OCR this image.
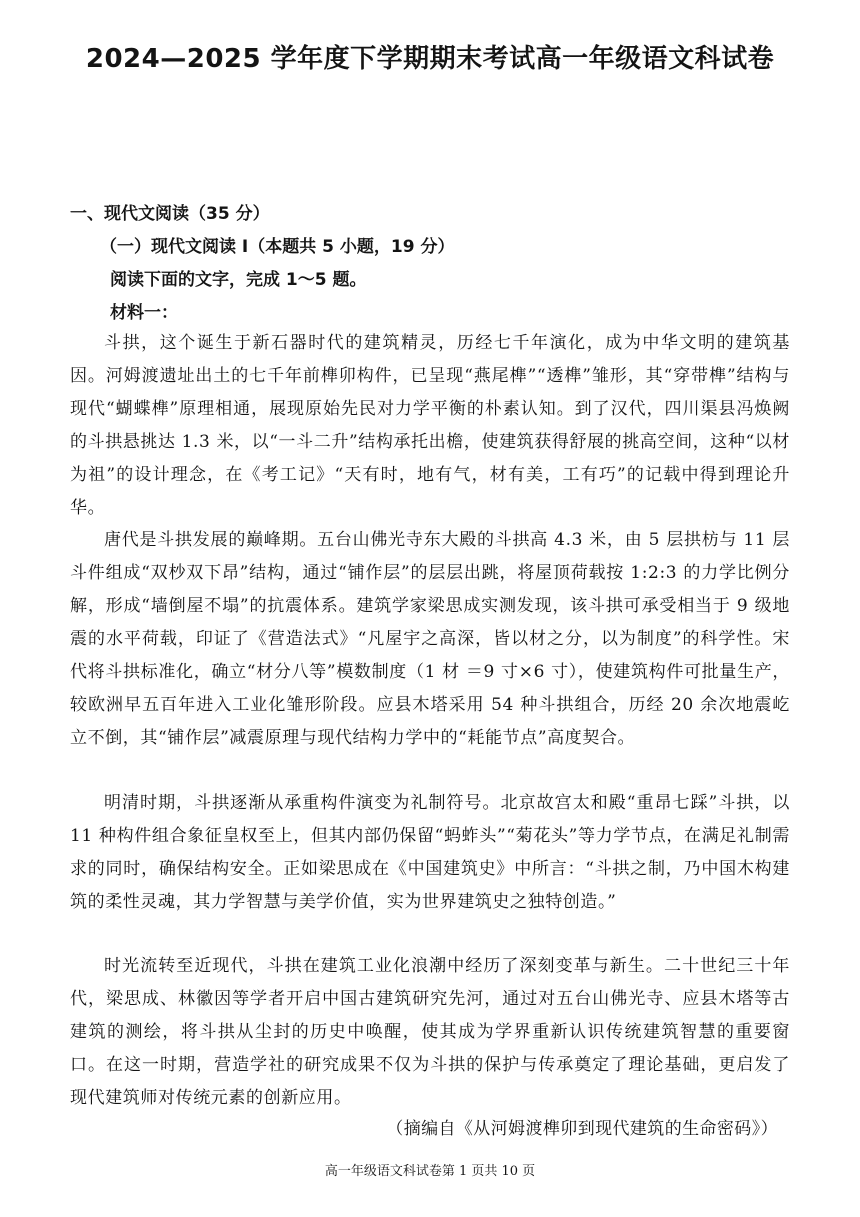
2024—2025 学年度下学期期末考试高一年级语文科试卷
一、现代文阅读（35 分）
（一）现代文阅读 I（本题共 5 小题，19 分）
阅读下面的文字，完成 1～5 题。
材料一：

斗拱，这个诞生于新石器时代的建筑精灵，历经七千年演化，成为中华文明的建筑基因。河姆渡遗址出土的七千年前榫卯构件，已呈现“燕尾榫”“透榫”雏形，其“穿带榫”结构与现代“蝴蝶榫”原理相通，展现原始先民对力学平衡的朴素认知。到了汉代，四川渠县冯焕阙的斗拱悬挑达 1.3 米，以“一斗二升”结构承托出檐，使建筑获得舒展的挑高空间，这种“以材为祖”的设计理念，在《考工记》“天有时，地有气，材有美，工有巧”的记载中得到理论升华。

唐代是斗拱发展的巅峰期。五台山佛光寺东大殿的斗拱高 4.3 米，由 5 层拱枋与 11 层斗件组成“双杪双下昂”结构，通过“铺作层”的层层出跳，将屋顶荷载按 1:2:3 的力学比例分解，形成“墙倒屋不塌”的抗震体系。建筑学家梁思成实测发现，该斗拱可承受相当于 9 级地震的水平荷载，印证了《营造法式》“凡屋宇之高深，皆以材之分，以为制度”的科学性。宋代将斗拱标准化，确立“材分八等”模数制度（1 材 ＝9 寸×6 寸），使建筑构件可批量生产，较欧洲早五百年进入工业化雏形阶段。应县木塔采用 54 种斗拱组合，历经 20 余次地震屹立不倒，其“铺作层”减震原理与现代结构力学中的“耗能节点”高度契合。

明清时期，斗拱逐渐从承重构件演变为礼制符号。北京故宫太和殿“重昂七踩”斗拱，以 11 种构件组合象征皇权至上，但其内部仍保留“蚂蚱头”“菊花头”等力学节点，在满足礼制需求的同时，确保结构安全。正如梁思成在《中国建筑史》中所言：“斗拱之制，乃中国木构建筑的柔性灵魂，其力学智慧与美学价值，实为世界建筑史之独特创造。”

时光流转至近现代，斗拱在建筑工业化浪潮中经历了深刻变革与新生。二十世纪三十年代，梁思成、林徽因等学者开启中国古建筑研究先河，通过对五台山佛光寺、应县木塔等古建筑的测绘，将斗拱从尘封的历史中唤醒，使其成为学界重新认识传统建筑智慧的重要窗口。在这一时期，营造学社的研究成果不仅为斗拱的保护与传承奠定了理论基础，更启发了现代建筑师对传统元素的创新应用。

（摘编自《从河姆渡榫卯到现代建筑的生命密码》）
高一年级语文科试卷第 1 页共 10 页
